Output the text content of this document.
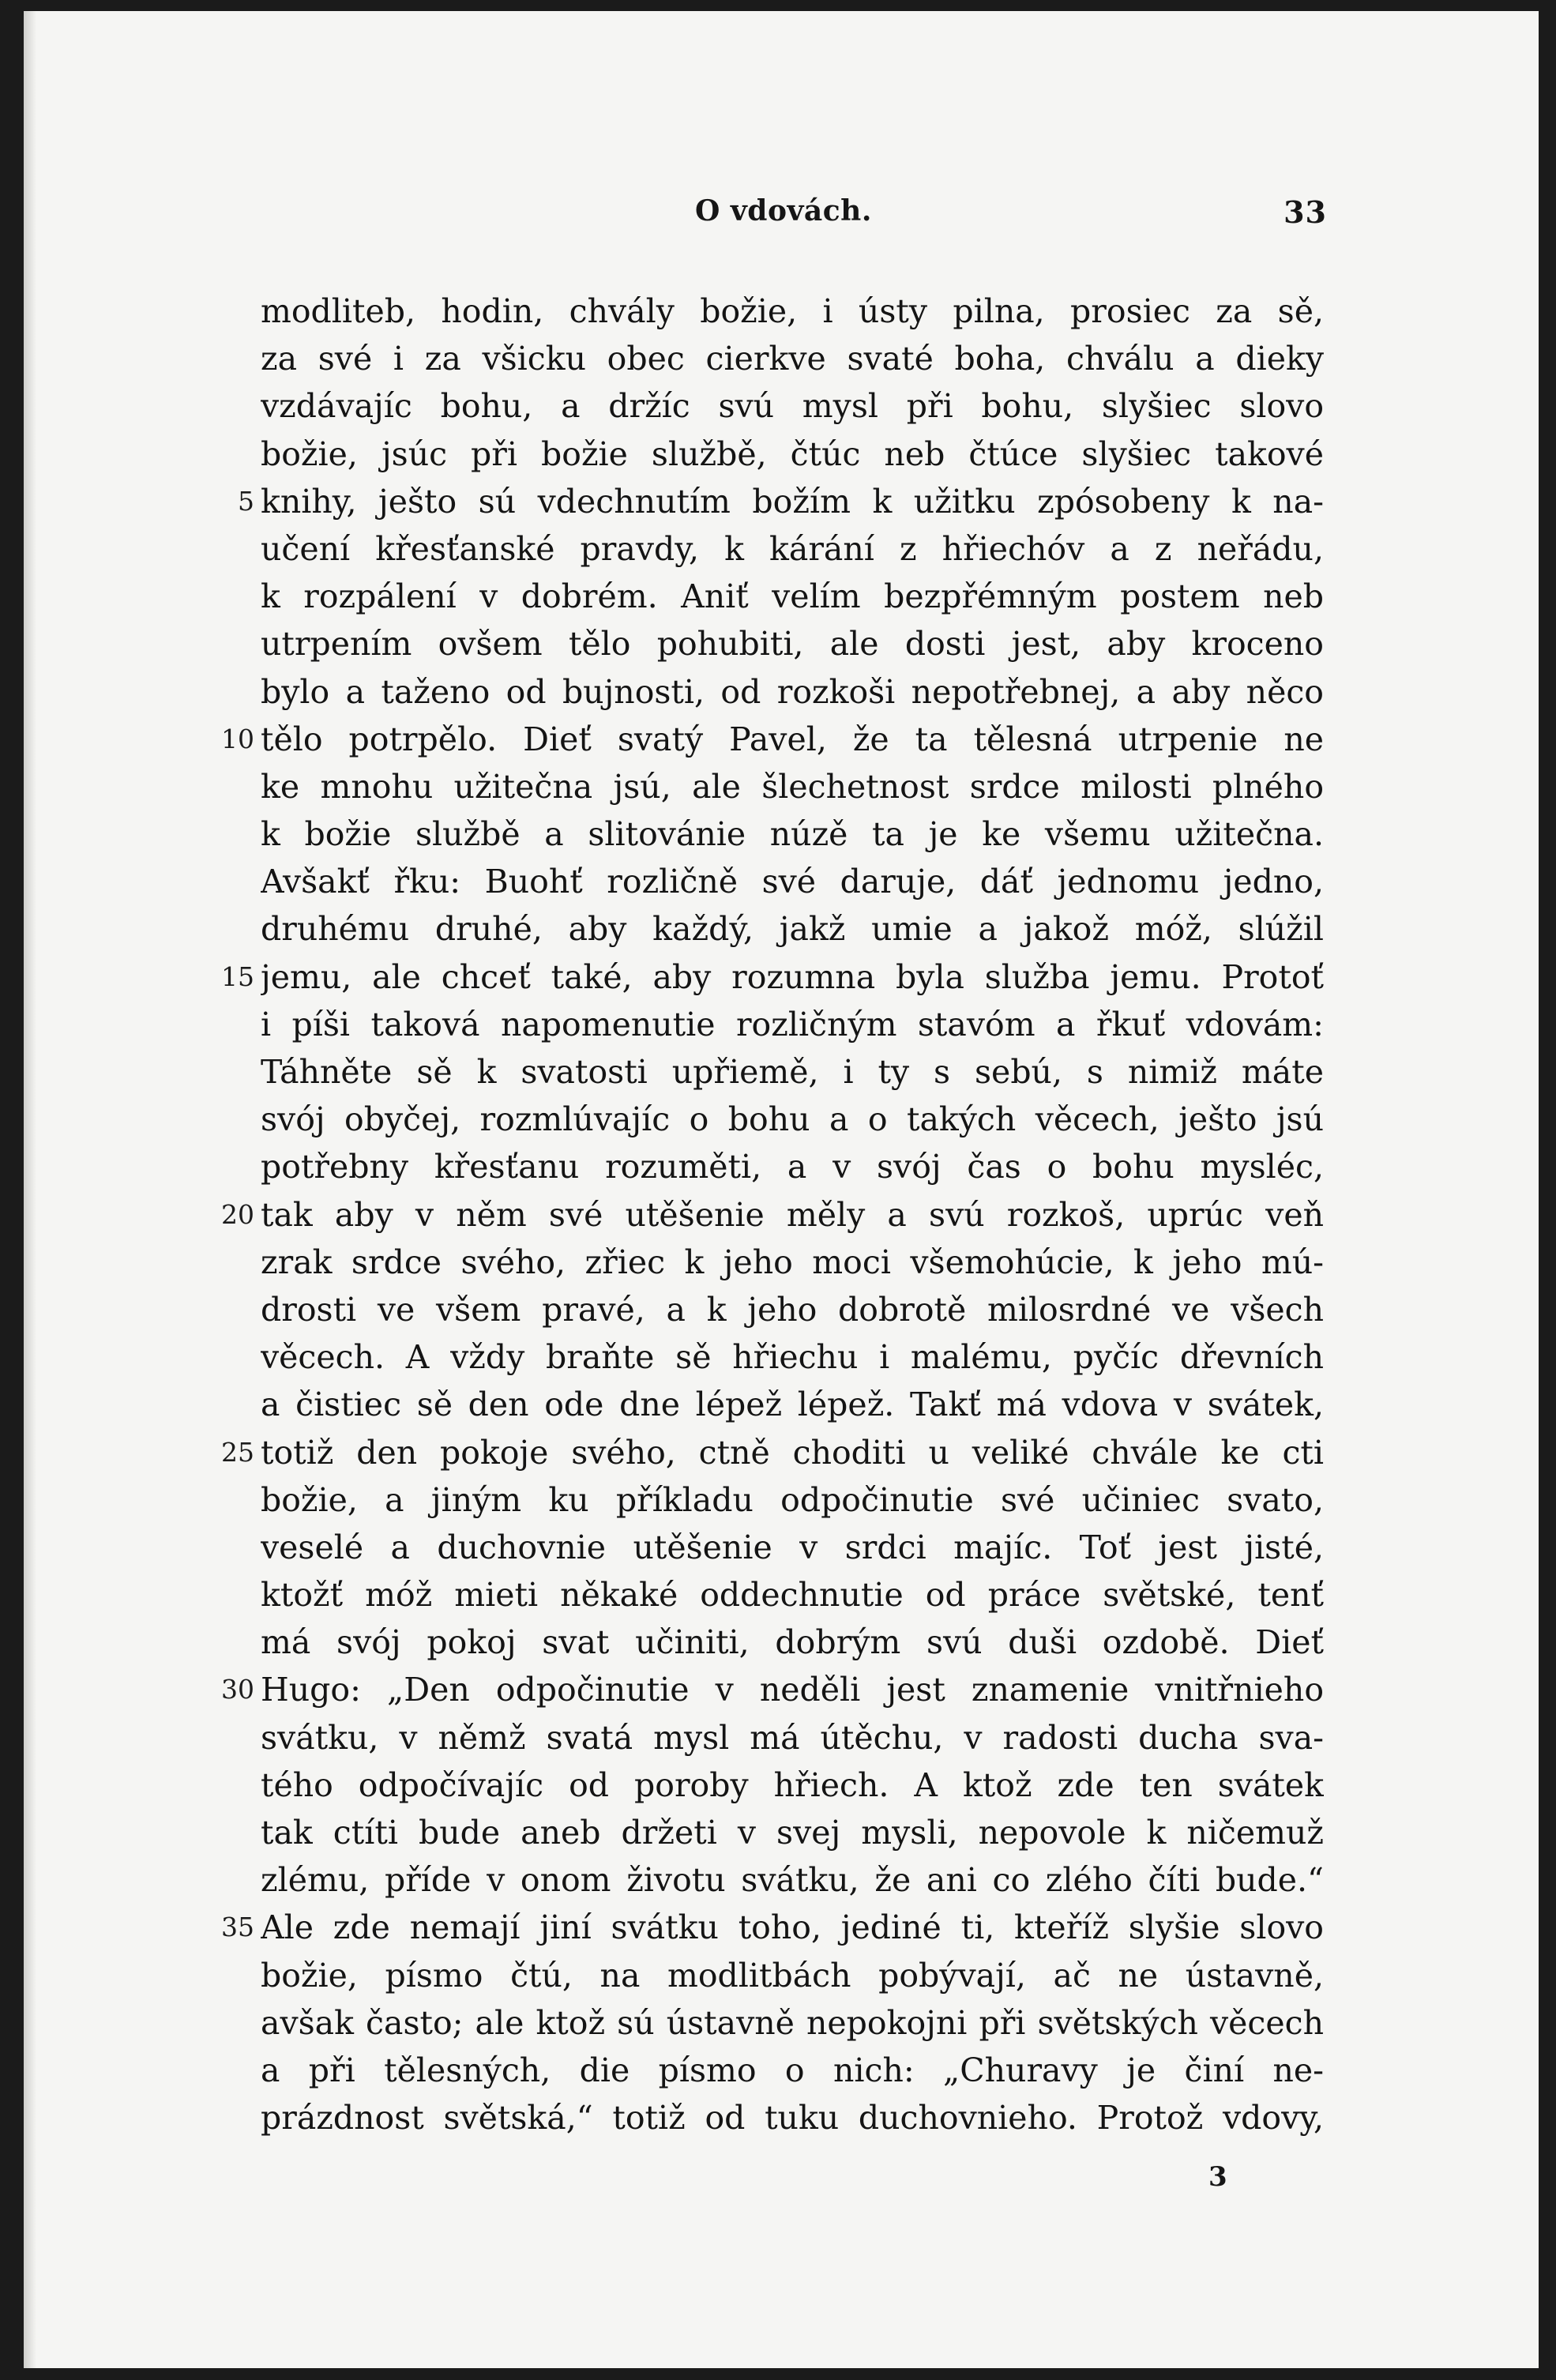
O vdovách.	33
modliteb, hodin, chvály božie, i ústy pilna, prosiec za sě,
za své i za všicku obec cierkve svaté boha, chválu a dieky
vzdávajíc bohu, a držíc svú mysl při bohu, slyšiec slovo
božie, jsúc při božie službě, čtúc neb čtúce slyšiec takové
5 knihy, ješto sú vdechnutím božím k užitku zpósobeny k na-
učení křesťanské pravdy, k kárání z hřiechóv a z neřádu,
k rozpálení v dobrém. Aniť velím bezpřémným postem neb
utrpením ovšem tělo pohubiti, ale dosti jest, aby kroceno
bylo a taženo od bujnosti, od rozkoši nepotřebnej, a aby něco
10 tělo potrpělo. Dieť svatý Pavel, že ta tělesná utrpenie ne
ke mnohu užitečna jsú, ale šlechetnost srdce milosti plného
k božie službě a slitovánie núzě ta je ke všemu užitečna.
Avšakť řku: Buohť rozličně své daruje, dáť jednomu jedno,
druhému druhé, aby každý, jakž umie a jakož móž, slúžil
15 jemu, ale chceť také, aby rozumna byla služba jemu. Protoť
i píši taková napomenutie rozličným stavóm a řkuť vdovám:
Táhněte sě k svatosti upřiemě, i ty s sebú, s nimiž máte
svój obyčej, rozmlúvajíc o bohu a o takých věcech, ješto jsú
potřebny křesťanu rozuměti, a v svój čas o bohu mysléc,
20 tak aby v něm své utěšenie měly a svú rozkoš, uprúc veň
zrak srdce svého, zřiec k jeho moci všemohúcie, k jeho mú-
drosti ve všem pravé, a k jeho dobrotě milosrdné ve všech
věcech. A vždy braňte sě hřiechu i malému, pyčíc dřevních
a čistiec sě den ode dne lépež lépež. Takť má vdova v svátek,
25 totiž den pokoje svého, ctně choditi u veliké chvále ke cti
božie, a jiným ku příkladu odpočinutie své učiniec svato,
veselé a duchovnie utěšenie v srdci majíc. Toť jest jisté,
ktožť móž mieti někaké oddechnutie od práce světské, tenť
má svój pokoj svat učiniti, dobrým svú duši ozdobě. Dieť
30 Hugo: „Den odpočinutie v neděli jest znamenie vnitřnieho
svátku, v němž svatá mysl má útěchu, v radosti ducha sva-
tého odpočívajíc od poroby hřiech. A ktož zde ten svátek
tak ctíti bude aneb držeti v svej mysli, nepovole k ničemuž
zlému, příde v onom životu svátku, že ani co zlého číti bude.“
35 Ale zde nemají jiní svátku toho, jediné ti, kteříž slyšie slovo
božie, písmo čtú, na modlitbách pobývají, ač ne ústavně,
avšak často; ale ktož sú ústavně nepokojni při světských věcech
a při tělesných, die písmo o nich: „Churavy je činí ne-
prázdnost světská,“ totiž od tuku duchovnieho. Protož vdovy,
3
